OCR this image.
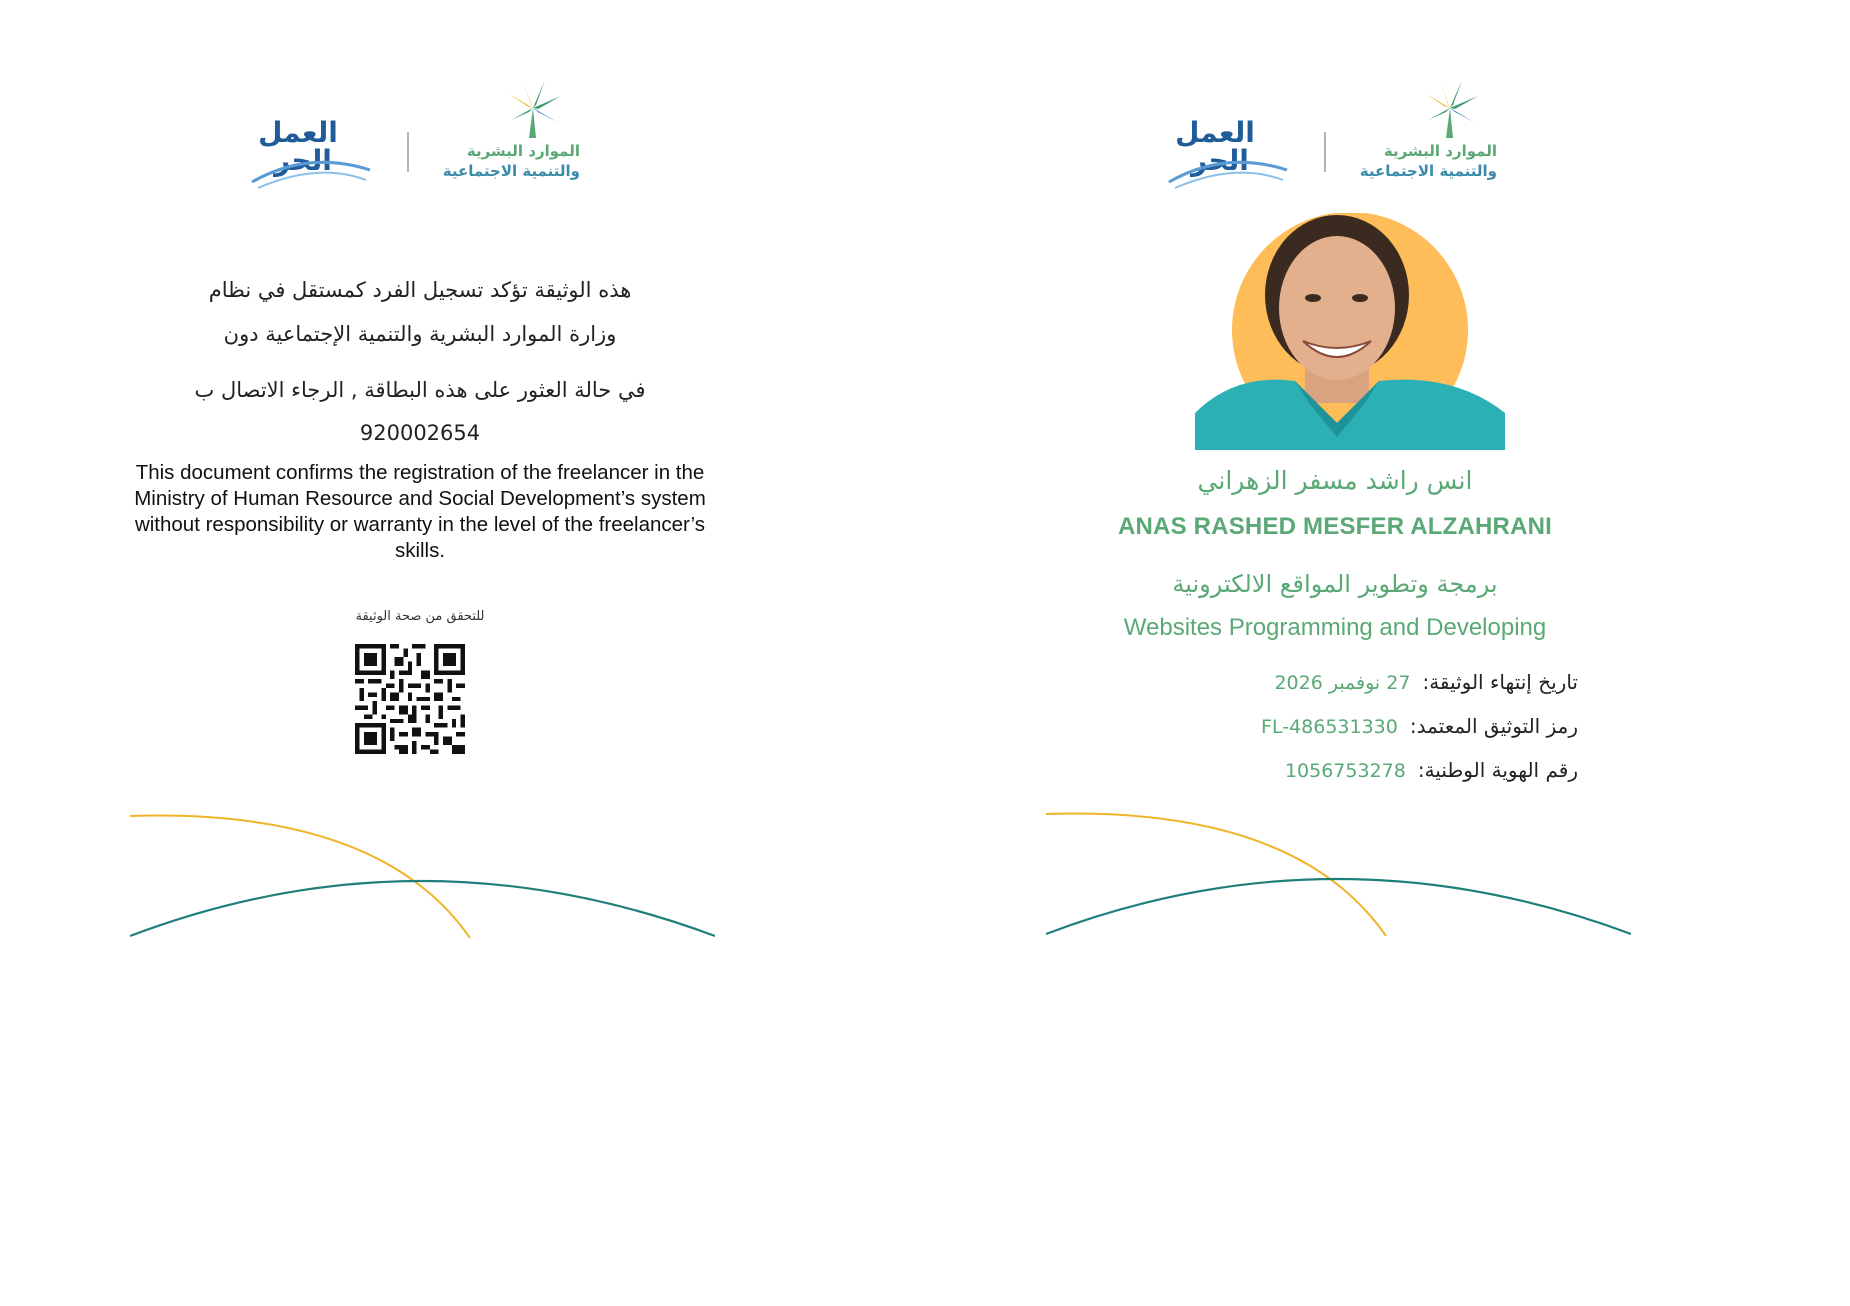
العمل
الحر	الموارد البشرية
والتنمية الاجتماعية
هذه الوثيقة تؤكد تسجيل الفرد كمستقل في نظام
وزارة الموارد البشرية والتنمية الإجتماعية دون
في حالة العثور على هذه البطاقة , الرجاء الاتصال ب
920002654
This document confirms the registration of the freelancer in the Ministry of Human Resource and Social Development’s system without responsibility or warranty in the level of the freelancer’s skills.
للتحقق من صحة الوثيقة
العمل
الحر	الموارد البشرية
والتنمية الاجتماعية
انس راشد مسفر الزهراني
ANAS RASHED MESFER ALZAHRANI
برمجة وتطوير المواقع الالكترونية
Websites Programming and Developing
تاريخ إنتهاء الوثيقة:27 نوفمبر 2026
رمز التوثيق المعتمد:FL-486531330
رقم الهوية الوطنية:1056753278
